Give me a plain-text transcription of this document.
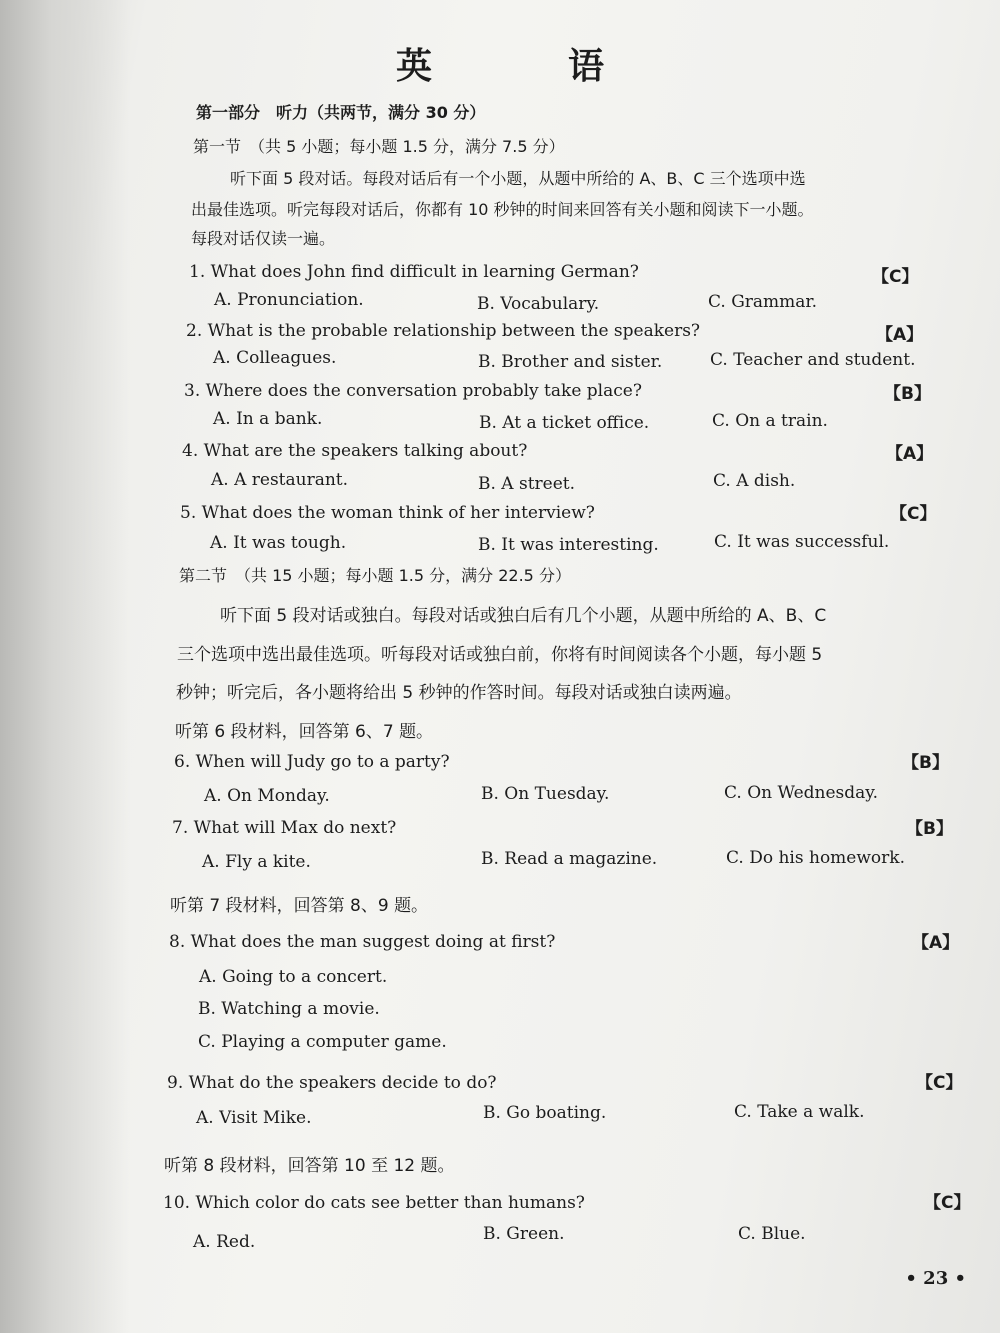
英　语
第一部分　听力（共两节，满分 30 分）
第一节　（共 5 小题；每小题 1.5 分，满分 7.5 分）
听下面 5 段对话。每段对话后有一个小题，从题中所给的 A、B、C 三个选项中选
出最佳选项。听完每段对话后，你都有 10 秒钟的时间来回答有关小题和阅读下一小题。
每段对话仅读一遍。
1. What does John find difficult in learning German?	【C】
A. Pronunciation.	B. Vocabulary.	C. Grammar.
2. What is the probable relationship between the speakers?	【A】
A. Colleagues.	B. Brother and sister.	C. Teacher and student.
3. Where does the conversation probably take place?	【B】
A. In a bank.	B. At a ticket office.	C. On a train.
4. What are the speakers talking about?	【A】
A. A restaurant.	B. A street.	C. A dish.
5. What does the woman think of her interview?	【C】
A. It was tough.	B. It was interesting.	C. It was successful.
第二节　（共 15 小题；每小题 1.5 分，满分 22.5 分）
听下面 5 段对话或独白。每段对话或独白后有几个小题，从题中所给的 A、B、C
三个选项中选出最佳选项。听每段对话或独白前，你将有时间阅读各个小题，每小题 5
秒钟；听完后，各小题将给出 5 秒钟的作答时间。每段对话或独白读两遍。
听第 6 段材料，回答第 6、7 题。
6. When will Judy go to a party?	【B】
A. On Monday.	B. On Tuesday.	C. On Wednesday.
7. What will Max do next?	【B】
A. Fly a kite.	B. Read a magazine.	C. Do his homework.
听第 7 段材料，回答第 8、9 题。
8. What does the man suggest doing at first?	【A】
A. Going to a concert.
B. Watching a movie.
C. Playing a computer game.
9. What do the speakers decide to do?	【C】
A. Visit Mike.	B. Go boating.	C. Take a walk.
听第 8 段材料，回答第 10 至 12 题。
10. Which color do cats see better than humans?	【C】
A. Red.	B. Green.	C. Blue.
• 23 •
